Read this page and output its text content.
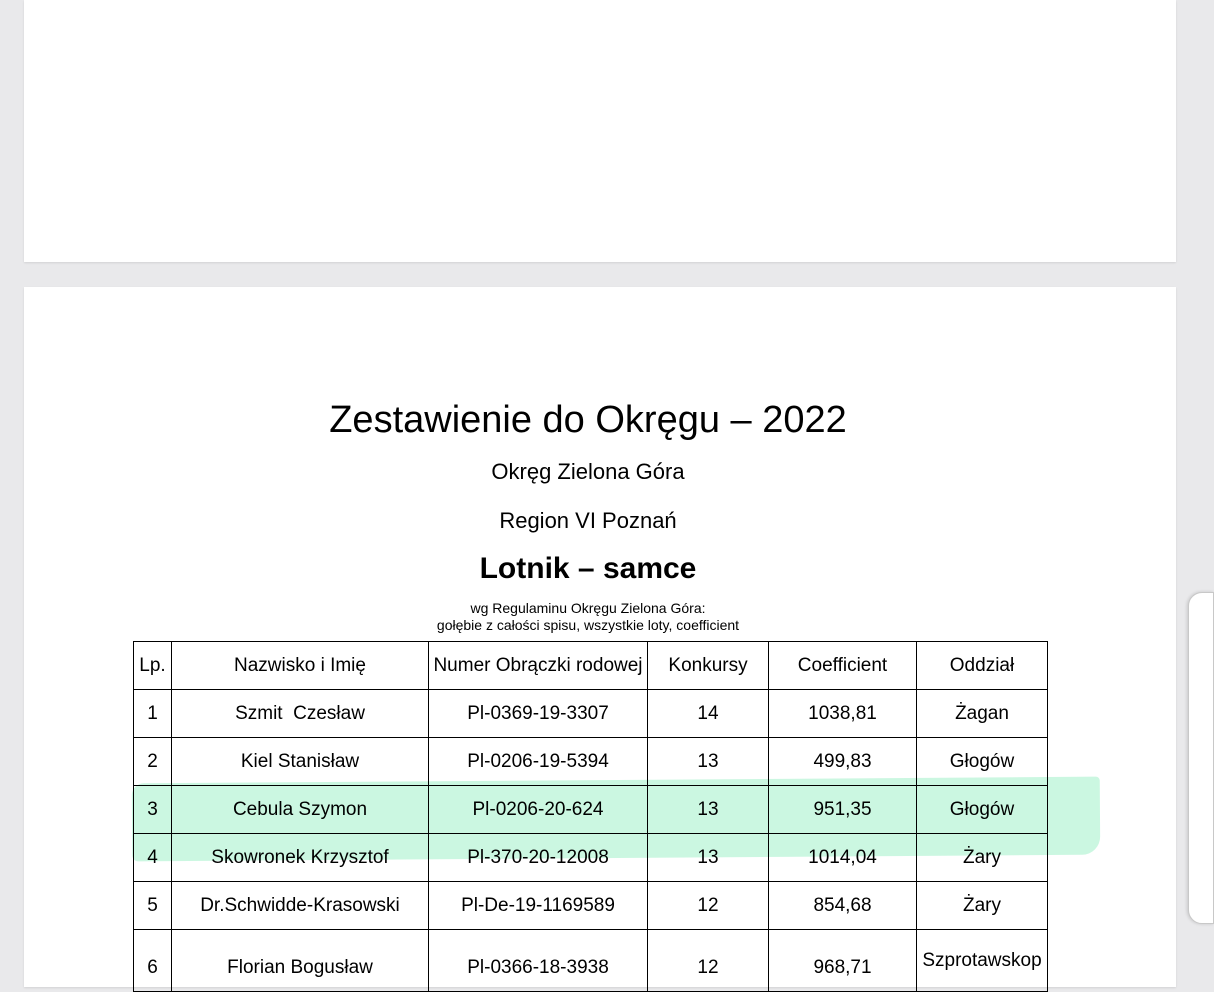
Zestawienie do Okręgu – 2022
Okręg Zielona Góra
Region VI Poznań
Lotnik – samce
wg Regulaminu Okręgu Zielona Góra:
gołębie z całości spisu, wszystkie loty, coefficient
Lp.	Nazwisko i Imię	Numer Obrączki rodowej	Konkursy	Coefficient	Oddział
1	Szmit  Czesław	Pl-0369-19-3307	14	1038,81	Żagan
2	Kiel Stanisław	Pl-0206-19-5394	13	499,83	Głogów
3	Cebula Szymon	Pl-0206-20-624	13	951,35	Głogów
4	Skowronek Krzysztof	Pl-370-20-12008	13	1014,04	Żary
5	Dr.Schwidde-Krasowski	Pl-De-19-1169589	12	854,68	Żary
6	Florian Bogusław	Pl-0366-18-3938	12	968,71	Szprotawskop
